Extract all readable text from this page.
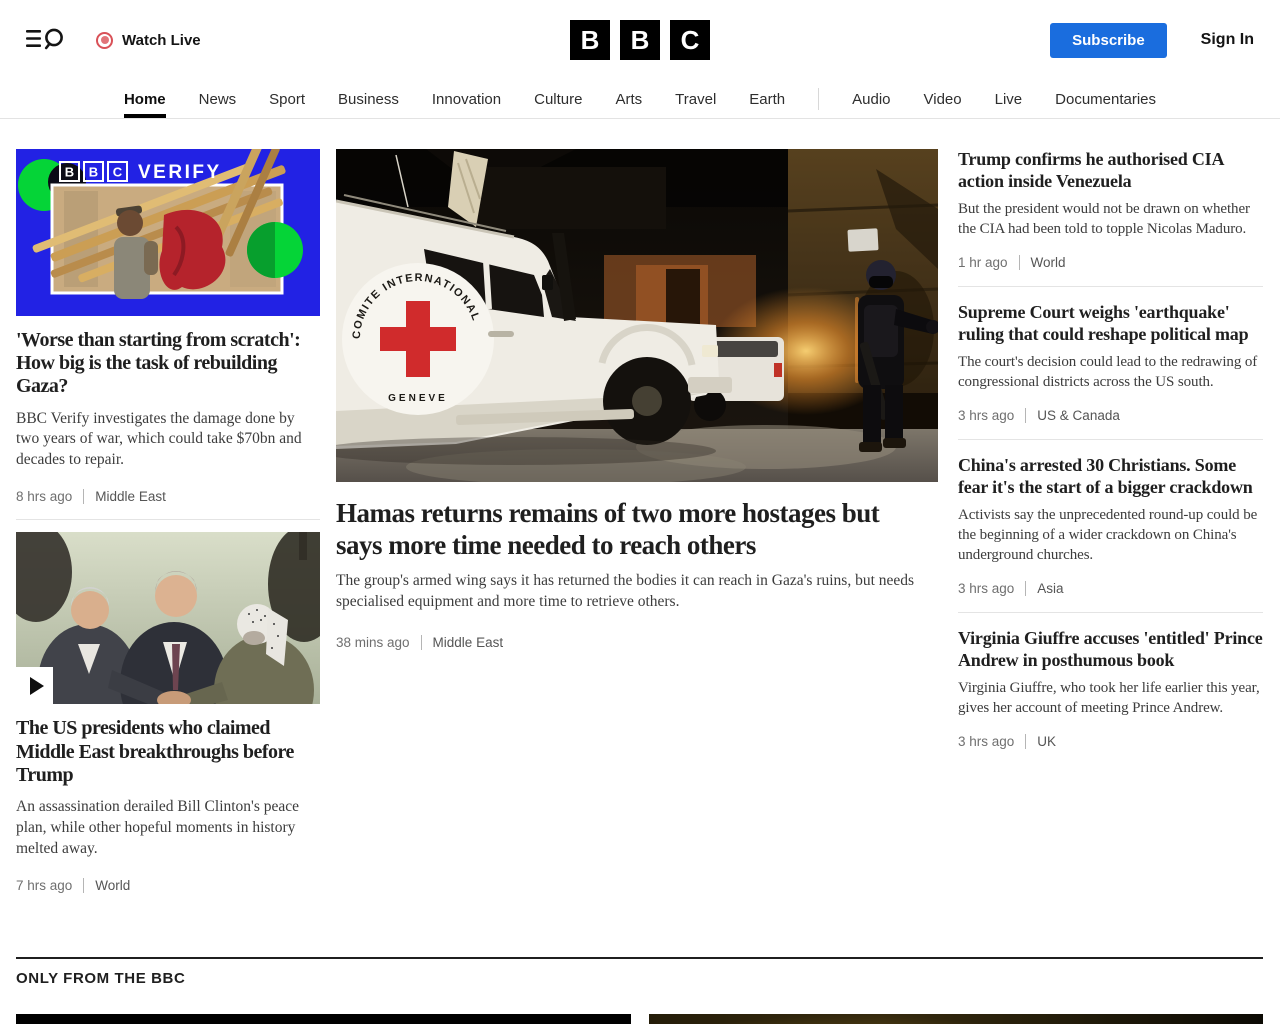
Watch Live	B	B	C	Subscribe	Sign In
Home News Sport Business Innovation Culture Arts Travel Earth	Audio Video Live Documentaries
B B C VERIFY
'Worse than starting from scratch': How big is the task of rebuilding Gaza?

BBC Verify investigates the damage done by two years of war, which could take $70bn and decades to repair.

8 hrs ago Middle East
The US presidents who claimed Middle East breakthroughs before Trump

An assassination derailed Bill Clinton's peace plan, while other hopeful moments in history melted away.

7 hrs ago World
COMITE INTERNATIONAL
GENEVE
Hamas returns remains of two more hostages but says more time needed to reach others

The group's armed wing says it has returned the bodies it can reach in Gaza's ruins, but needs specialised equipment and more time to retrieve others.

38 mins ago Middle East
Trump confirms he authorised CIA action inside Venezuela

But the president would not be drawn on whether the CIA had been told to topple Nicolas Maduro.

1 hr ago World
Supreme Court weighs 'earthquake' ruling that could reshape political map

The court's decision could lead to the redrawing of congressional districts across the US south.

3 hrs ago US & Canada
China's arrested 30 Christians. Some fear it's the start of a bigger crackdown

Activists say the unprecedented round-up could be the beginning of a wider crackdown on China's underground churches.

3 hrs ago Asia
Virginia Giuffre accuses 'entitled' Prince Andrew in posthumous book

Virginia Giuffre, who took her life earlier this year, gives her account of meeting Prince Andrew.

3 hrs ago UK
ONLY FROM THE BBC
